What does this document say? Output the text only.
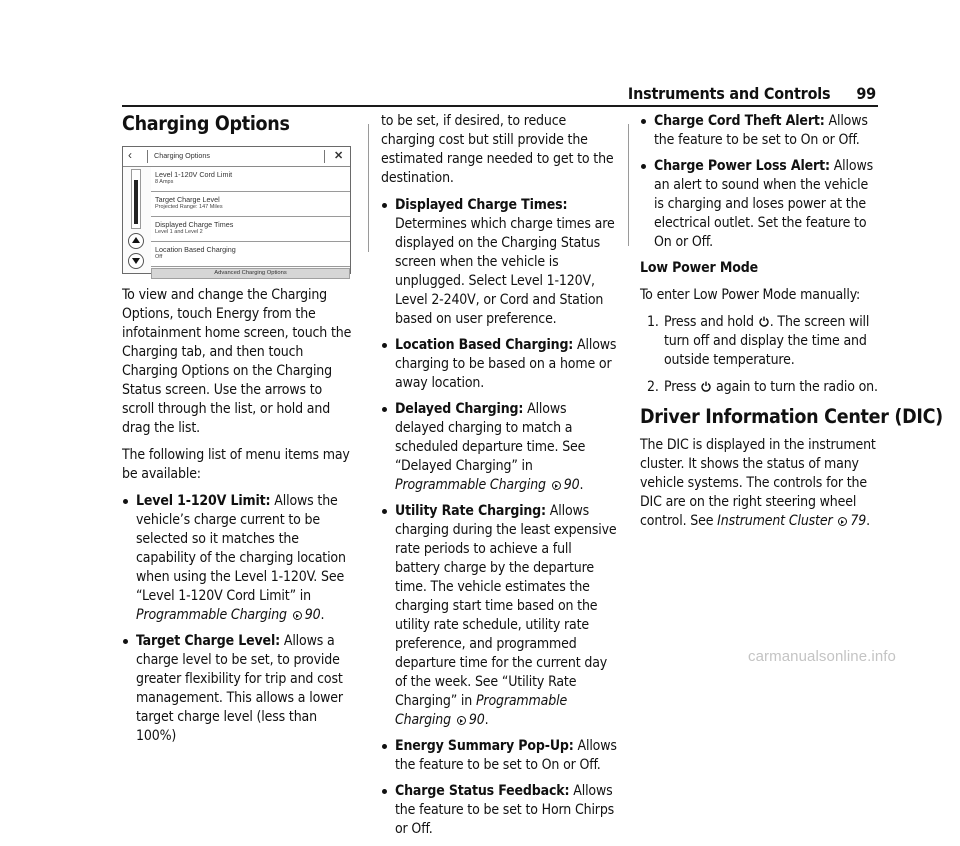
Instruments and Controls 99
Charging Options

To view and change the Charging Options, touch Energy from the infotainment home screen, touch the Charging tab, and then touch Charging Options on the Charging Status screen. Use the arrows to scroll through the list, or hold and drag the list.

The following list of menu items may be available:

Level 1-120V Limit: Allows the vehicle’s charge current to be selected so it matches the capability of the charging location when using the Level 1-120V. See “Level 1-120V Cord Limit” in Programmable Charging 90.
Target Charge Level: Allows a charge level to be set, to provide greater flexibility for trip and cost management. This allows a lower target charge level (less than 100%)
‹	Charging Options	✕
Level 1-120V Cord Limit
8 Amps
Target Charge Level
Projected Range: 147 Miles
Displayed Charge Times
Level 1 and Level 2
Location Based Charging
Off
Advanced Charging Options

to be set, if desired, to reduce charging cost but still provide the estimated range needed to get to the destination.

Displayed Charge Times: Determines which charge times are displayed on the Charging Status screen when the vehicle is unplugged. Select Level 1-120V, Level 2-240V, or Cord and Station based on user preference.
Location Based Charging: Allows charging to be based on a home or away location.
Delayed Charging: Allows delayed charging to match a scheduled departure time. See “Delayed Charging” in Programmable Charging 90.
Utility Rate Charging: Allows charging during the least expensive rate periods to achieve a full battery charge by the departure time. The vehicle estimates the charging start time based on the utility rate schedule, utility rate preference, and programmed departure time for the current day of the week. See “Utility Rate Charging” in Programmable Charging 90.
Energy Summary Pop-Up: Allows the feature to be set to On or Off.
Charge Status Feedback: Allows the feature to be set to Horn Chirps or Off.
Charge Cord Theft Alert: Allows the feature to be set to On or Off.
Charge Power Loss Alert: Allows an alert to sound when the vehicle is charging and loses power at the electrical outlet. Set the feature to On or Off.

Low Power Mode

To enter Low Power Mode manually:

1. Press and hold . The screen will turn off and display the time and outside temperature.
2. Press  again to turn the radio on.
Driver Information Center (DIC)

The DIC is displayed in the instrument cluster. It shows the status of many vehicle systems. The controls for the DIC are on the right steering wheel control. See Instrument Cluster 79.

carmanualsonline.info
